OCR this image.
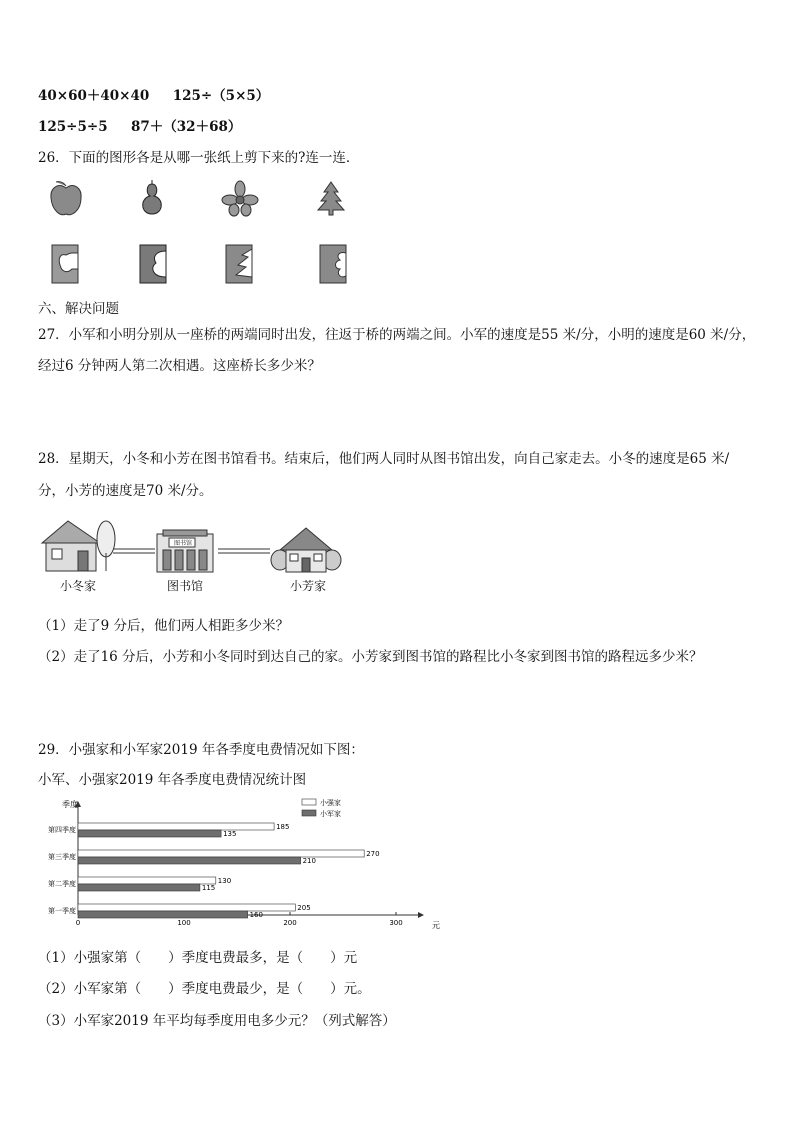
40×60＋40×40 125÷（5×5）
125÷5÷5 87＋（32＋68）
26．下面的图形各是从哪一张纸上剪下来的?连一连．
六、解决问题
27．小军和小明分别从一座桥的两端同时出发，往返于桥的两端之间。小军的速度是55 米/分，小明的速度是60 米/分，
经过6 分钟两人第二次相遇。这座桥长多少米？
28．星期天，小冬和小芳在图书馆看书。结束后，他们两人同时从图书馆出发，向自己家走去。小冬的速度是65 米/
分，小芳的速度是70 米/分。
图书馆
小冬家	图书馆	小芳家
（1）走了9 分后，他们两人相距多少米？
（2）走了16 分后，小芳和小冬同时到达自己的家。小芳家到图书馆的路程比小冬家到图书馆的路程远多少米？
29．小强家和小军家2019 年各季度电费情况如下图：
小军、小强家2019 年各季度电费情况统计图
季度
元
0	100	200	300
小强家
小军家
第四季度	185
135
第三季度	270
210
第二季度	130
115
第一季度	205
160
（1）小强家第（　　）季度电费最多，是（　　）元
（2）小军家第（　　）季度电费最少，是（　　）元。
（3）小军家2019 年平均每季度用电多少元？（列式解答）
